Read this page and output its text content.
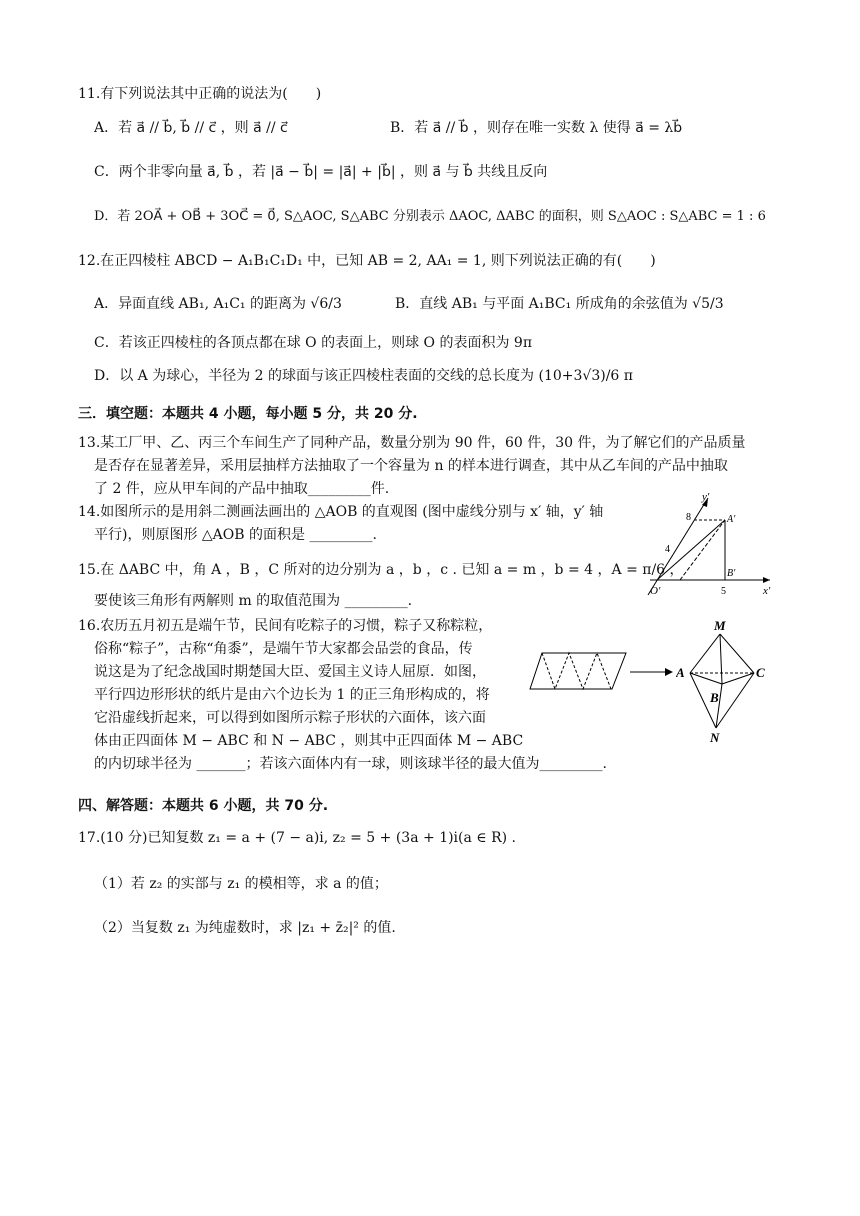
11.有下列说法其中正确的说法为(　　)
A．若 a⃗ // b⃗, b⃗ // c⃗ ，则 a⃗ // c⃗	B．若 a⃗ // b⃗ ，则存在唯一实数 λ 使得 a⃗ = λb⃗
C．两个非零向量 a⃗, b⃗ ，若 |a⃗ − b⃗| = |a⃗| + |b⃗| ，则 a⃗ 与 b⃗ 共线且反向
D．若 2OA⃗ + OB⃗ + 3OC⃗ = 0⃗, S△AOC, S△ABC 分别表示 ΔAOC, ΔABC 的面积，则 S△AOC : S△ABC = 1 : 6
12.在正四棱柱 ABCD − A₁B₁C₁D₁ 中，已知 AB = 2, AA₁ = 1, 则下列说法正确的有(　　)
A．异面直线 AB₁, A₁C₁ 的距离为 √6/3	B．直线 AB₁ 与平面 A₁BC₁ 所成角的余弦值为 √5/3
C．若该正四棱柱的各顶点都在球 O 的表面上，则球 O 的表面积为 9π
D．以 A 为球心，半径为 2 的球面与该正四棱柱表面的交线的总长度为 (10+3√3)/6 π
三．填空题：本题共 4 小题，每小题 5 分，共 20 分.
13.某工厂甲、乙、丙三个车间生产了同种产品，数量分别为 90 件，60 件，30 件，为了解它们的产品质量
是否存在显著差异，采用层抽样方法抽取了一个容量为 n 的样本进行调查，其中从乙车间的产品中抽取
了 2 件，应从甲车间的产品中抽取_________件.
14.如图所示的是用斜二测画法画出的 △AOB 的直观图 (图中虚线分别与 x′ 轴，y′ 轴
平行)，则原图形 △AOB 的面积是 _________.
15.在 ΔABC 中，角 A ，B ，C 所对的边分别为 a ，b ，c . 已知 a = m ，b = 4 ，A = π/6 ，
要使该三角形有两解则 m 的取值范围为 _________.
16.农历五月初五是端午节，民间有吃粽子的习惯，粽子又称粽粒，
俗称“粽子”，古称“角黍”，是端午节大家都会品尝的食品，传
说这是为了纪念战国时期楚国大臣、爱国主义诗人屈原．如图，
平行四边形形状的纸片是由六个边长为 1 的正三角形构成的，将
它沿虚线折起来，可以得到如图所示粽子形状的六面体，该六面
体由正四面体 M − ABC 和 N − ABC ，则其中正四面体 M − ABC
的内切球半径为 _______；若该六面体内有一球，则该球半径的最大值为_________.
四、解答题：本题共 6 小题，共 70 分.
17.(10 分)已知复数 z₁ = a + (7 − a)i, z₂ = 5 + (3a + 1)i(a ∈ R) .
（1）若 z₂ 的实部与 z₁ 的模相等，求 a 的值；
（2）当复数 z₁ 为纯虚数时，求 |z₁ + z̄₂|² 的值.
y′
x′
O′
A′
B′
8
4
5
M
A	C
B
N
